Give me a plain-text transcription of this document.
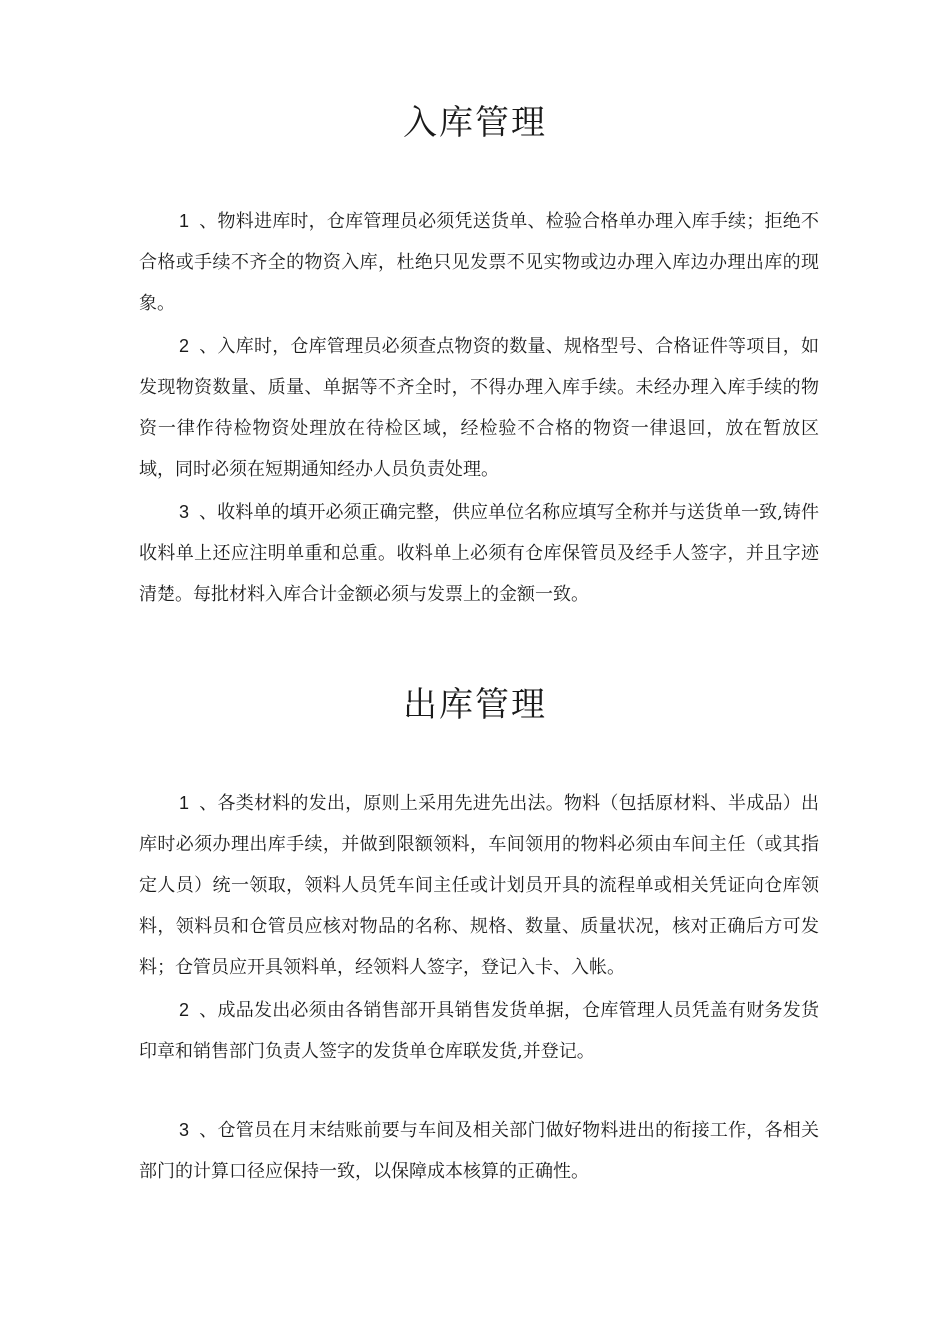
入库管理

1 、物料进库时，仓库管理员必须凭送货单、检验合格单办理入库手续；拒绝不合格或手续不齐全的物资入库，杜绝只见发票不见实物或边办理入库边办理出库的现象。

2 、入库时，仓库管理员必须查点物资的数量、规格型号、合格证件等项目，如发现物资数量、质量、单据等不齐全时，不得办理入库手续。未经办理入库手续的物资一律作待检物资处理放在待检区域，经检验不合格的物资一律退回，放在暂放区域，同时必须在短期通知经办人员负责处理。

3 、收料单的填开必须正确完整，供应单位名称应填写全称并与送货单一致,铸件收料单上还应注明单重和总重。收料单上必须有仓库保管员及经手人签字，并且字迹清楚。每批材料入库合计金额必须与发票上的金额一致。

出库管理

1 、各类材料的发出，原则上采用先进先出法。物料（包括原材料、半成品）出库时必须办理出库手续，并做到限额领料，车间领用的物料必须由车间主任（或其指定人员）统一领取，领料人员凭车间主任或计划员开具的流程单或相关凭证向仓库领料，领料员和仓管员应核对物品的名称、规格、数量、质量状况，核对正确后方可发料；仓管员应开具领料单，经领料人签字，登记入卡、入帐。

2 、成品发出必须由各销售部开具销售发货单据，仓库管理人员凭盖有财务发货印章和销售部门负责人签字的发货单仓库联发货,并登记。

3 、仓管员在月末结账前要与车间及相关部门做好物料进出的衔接工作，各相关部门的计算口径应保持一致，以保障成本核算的正确性。
